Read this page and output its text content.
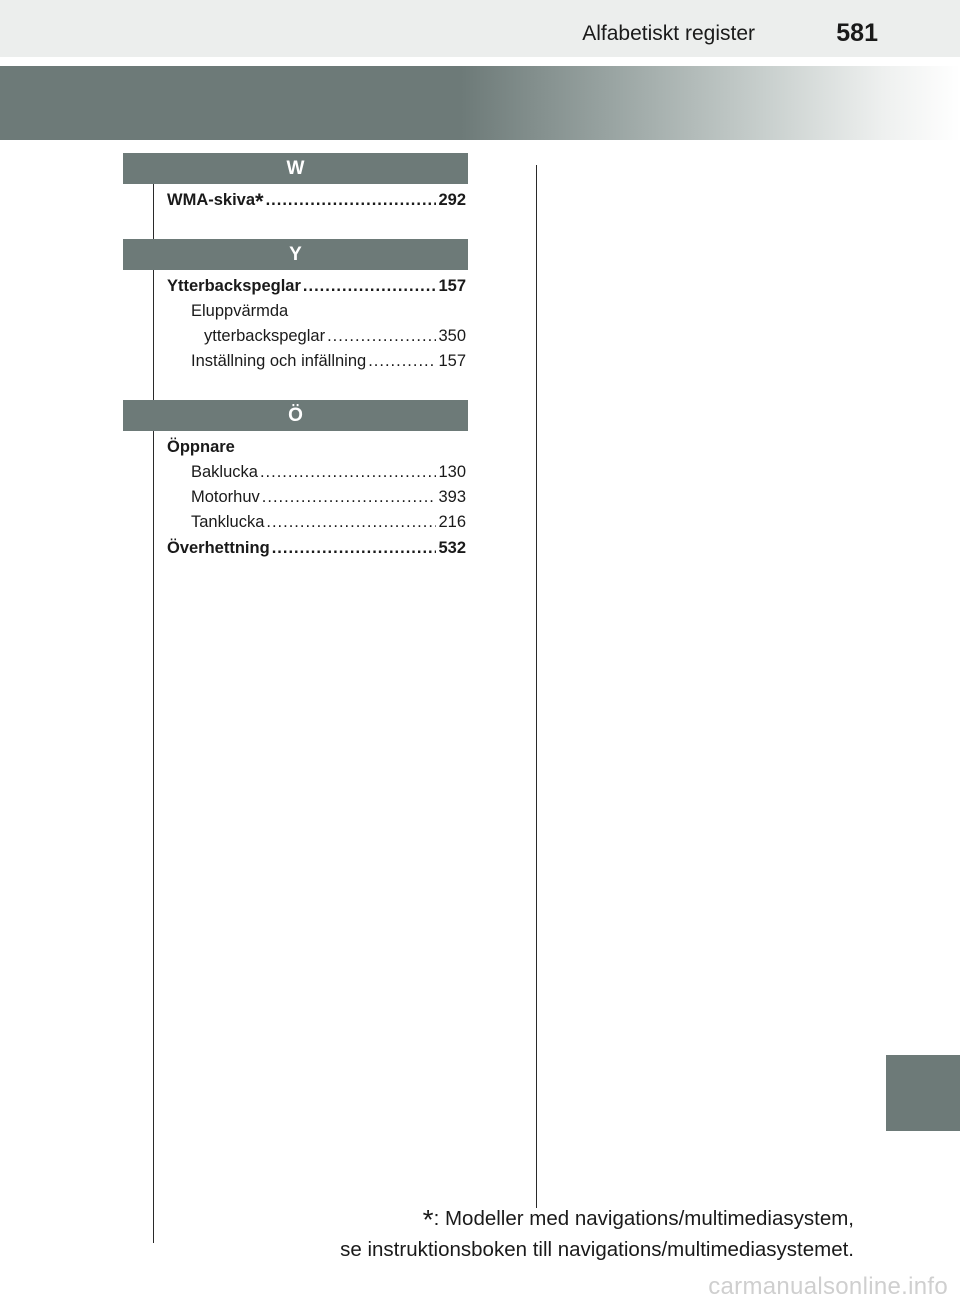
Alfabetiskt register	581
W
WMA-skiva* .....	292
Y
Ytterbackspeglar .....	157
Eluppvärmda
ytterbackspeglar .....	350
Inställning och infällning .....	157
Ö
Öppnare
Baklucka .....	130
Motorhuv .....	393
Tanklucka .....	216
Överhettning .....	532
*: Modeller med navigations/multimediasystem,
se instruktionsboken till navigations/multimediasystemet.
carmanualsonline.info
